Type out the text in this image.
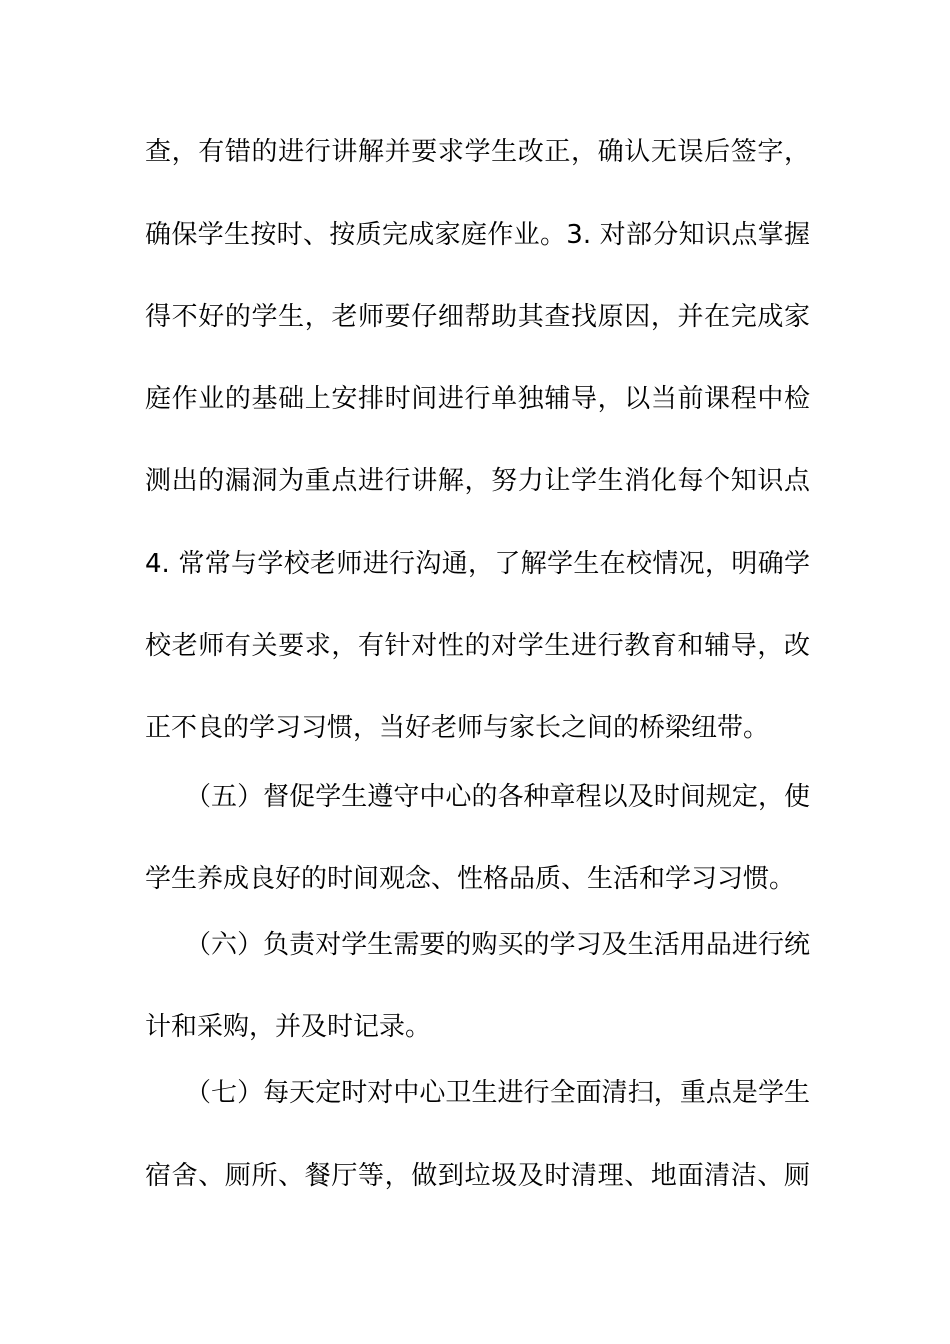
查，有错的进行讲解并要求学生改正，确认无误后签字，
确保学生按时、按质完成家庭作业。3. 对部分知识点掌握
得不好的学生，老师要仔细帮助其查找原因，并在完成家
庭作业的基础上安排时间进行单独辅导，以当前课程中检
测出的漏洞为重点进行讲解，努力让学生消化每个知识点
4. 常常与学校老师进行沟通，了解学生在校情况，明确学
校老师有关要求，有针对性的对学生进行教育和辅导，改
正不良的学习习惯，当好老师与家长之间的桥梁纽带。
（五）督促学生遵守中心的各种章程以及时间规定，使
学生养成良好的时间观念、性格品质、生活和学习习惯。
（六）负责对学生需要的购买的学习及生活用品进行统
计和采购，并及时记录。
（七）每天定时对中心卫生进行全面清扫，重点是学生
宿舍、厕所、餐厅等，做到垃圾及时清理、地面清洁、厕
